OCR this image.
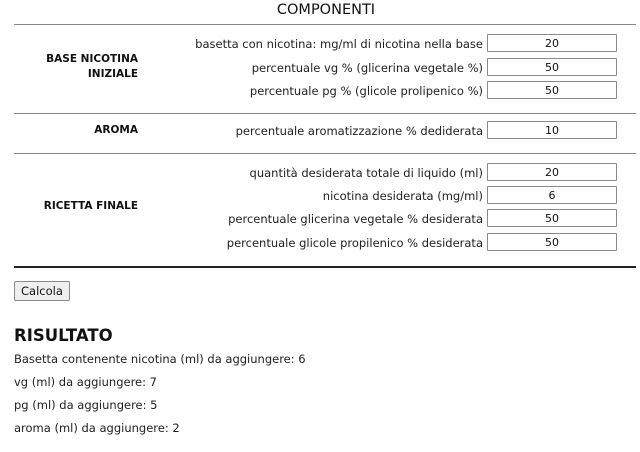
COMPONENTI
BASE NICOTINA
INIZIALE
basetta con nicotina: mg/ml di nicotina nella base
20
percentuale vg % (glicerina vegetale %)
50
percentuale pg % (glicole prolipenico %)
50
AROMA	percentuale aromatizzazione % dediderata
10
RICETTA FINALE
quantità desiderata totale di liquido (ml)
20
nicotina desiderata (mg/ml)
6
percentuale glicerina vegetale % desiderata
50
percentuale glicole propilenico % desiderata
50
Calcola
RISULTATO
Basetta contenente nicotina (ml) da aggiungere: 6
vg (ml) da aggiungere: 7
pg (ml) da aggiungere: 5
aroma (ml) da aggiungere: 2
